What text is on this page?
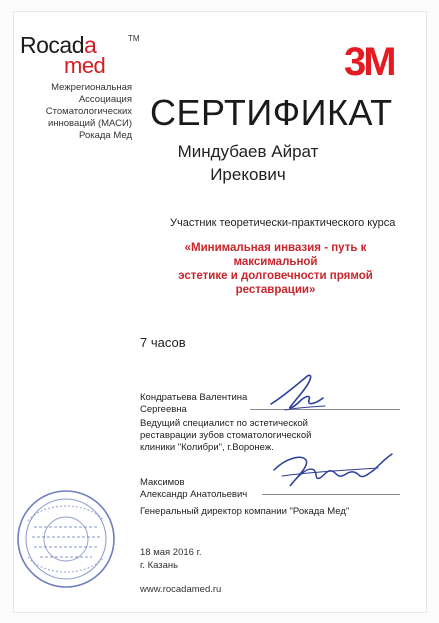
Rocada
med
TM
Межрегиональная
Ассоциация
Стоматологических
инноваций (МАСИ)
Рокада Мед
3M
СЕРТИФИКАТ
Миндубаев Айрат
Ирекович
Участник теоретически-практического курса
«Минимальная инвазия - путь к максимальной
эстетике и долговечности прямой реставрации»
7 часов
Кондратьева Валентина
Сергеевна
Ведущий специалист по эстетической
реставрации зубов стоматологической
клиники "Колибри", г.Воронеж.
Максимов
Александр Анатольевич
Генеральный директор компании "Рокада Мед"
18 мая 2016 г.
г. Казань
www.rocadamed.ru
